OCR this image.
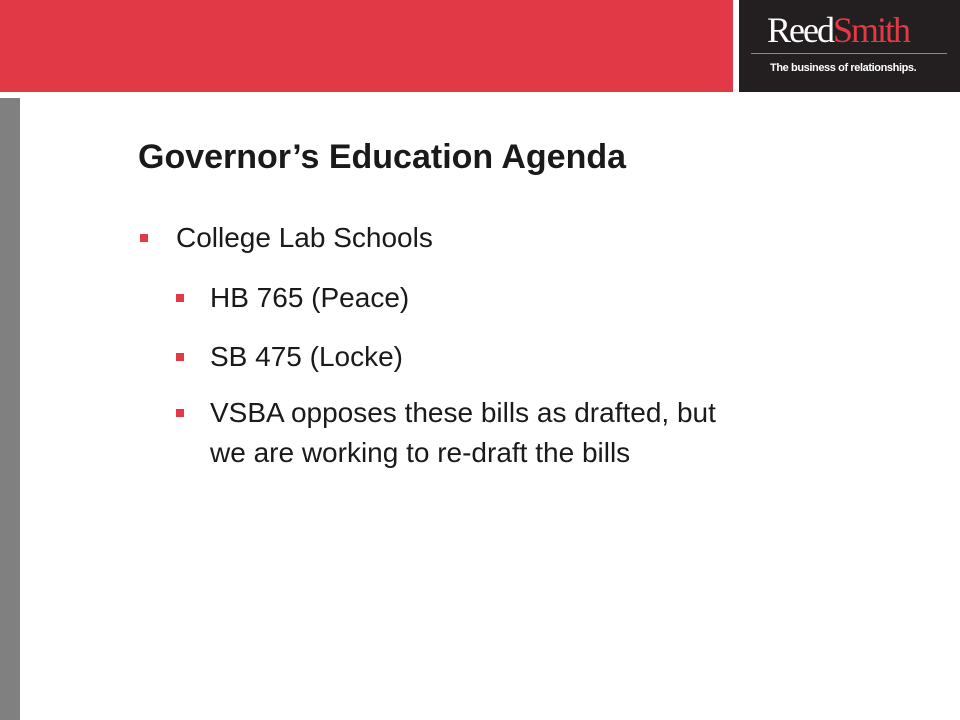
ReedSmith
The business of relationships.
Governor’s Education Agenda
College Lab Schools
HB 765 (Peace)
SB 475 (Locke)
VSBA opposes these bills as drafted, but
we are working to re-draft the bills
